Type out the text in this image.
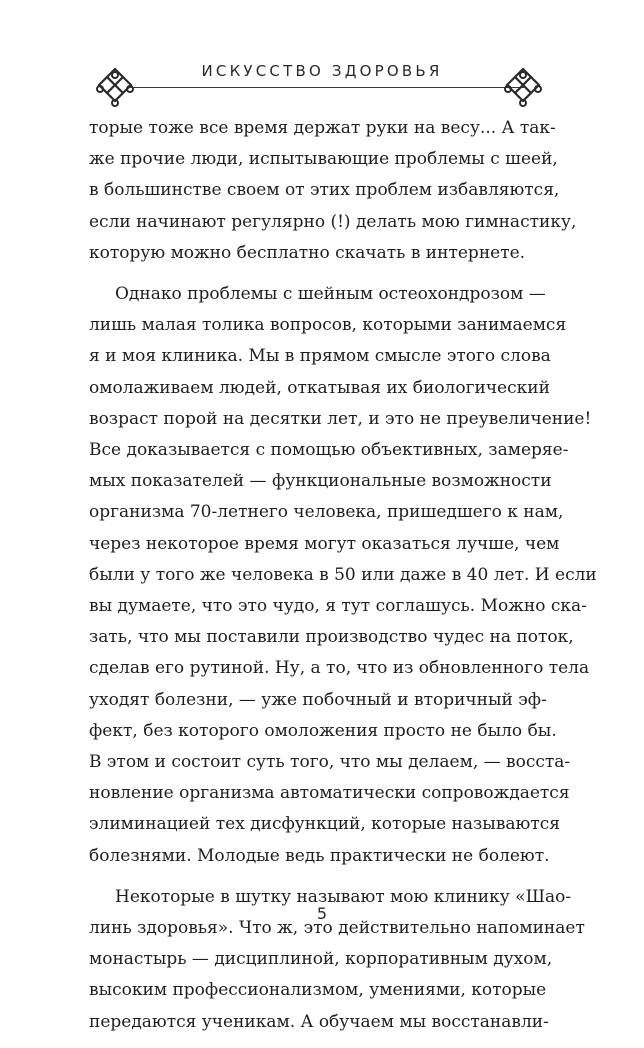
ИСКУССТВО ЗДОРОВЬЯ
торые тоже все время держат руки на весу... А так-
же прочие люди, испытывающие проблемы с шеей,
в большинстве своем от этих проблем избавляются,
если начинают регулярно (!) делать мою гимнастику,
которую можно бесплатно скачать в интернете.
Однако проблемы с шейным остеохондрозом —
лишь малая толика вопросов, которыми занимаемся
я и моя клиника. Мы в прямом смысле этого слова
омолаживаем людей, откатывая их биологический
возраст порой на десятки лет, и это не преувеличение!
Все доказывается с помощью объективных, замеряе-
мых показателей — функциональные возможности
организма 70-летнего человека, пришедшего к нам,
через некоторое время могут оказаться лучше, чем
были у того же человека в 50 или даже в 40 лет. И если
вы думаете, что это чудо, я тут соглашусь. Можно ска-
зать, что мы поставили производство чудес на поток,
сделав его рутиной. Ну, а то, что из обновленного тела
уходят болезни, — уже побочный и вторичный эф-
фект, без которого омоложения просто не было бы.
В этом и состоит суть того, что мы делаем, — восста-
новление организма автоматически сопровождается
элиминацией тех дисфункций, которые называются
болезнями. Молодые ведь практически не болеют.
Некоторые в шутку называют мою клинику «Шао-
линь здоровья». Что ж, это действительно напоминает
монастырь — дисциплиной, корпоративным духом,
высоким профессионализмом, умениями, которые
передаются ученикам. А обучаем мы восстанавли-
5
